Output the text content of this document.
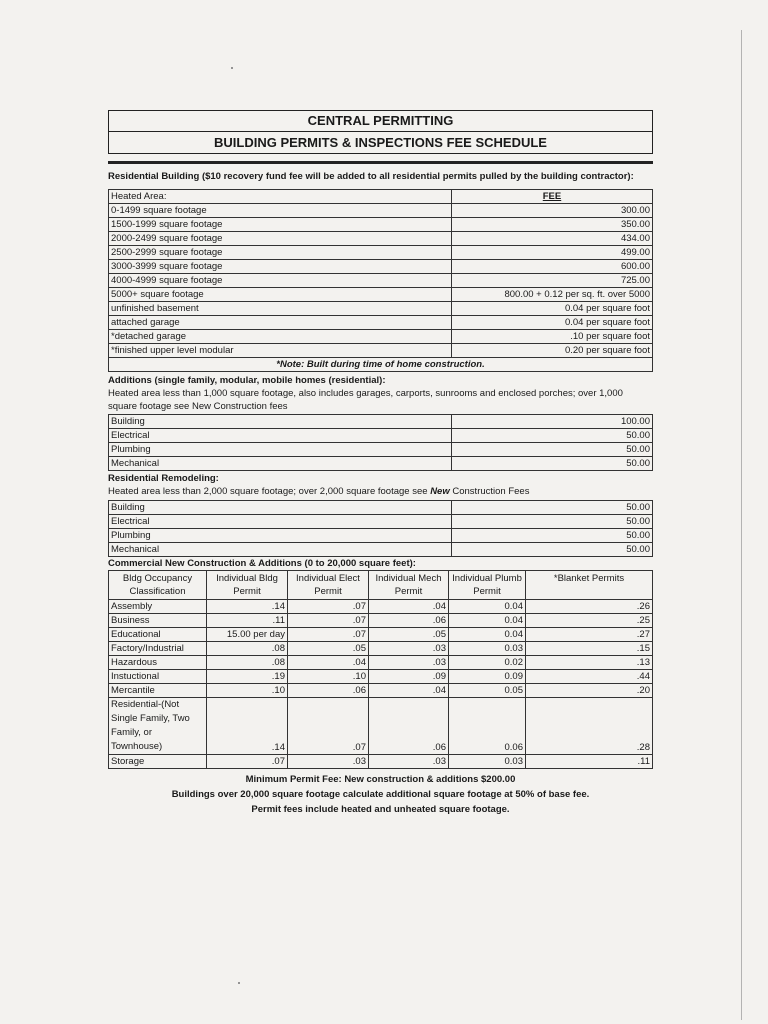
CENTRAL PERMITTING
BUILDING PERMITS & INSPECTIONS FEE SCHEDULE

Residential Building ($10 recovery fund fee will be added to all residential permits pulled by the building contractor):

Heated Area:	FEE
0-1499 square footage	300.00
1500-1999 square footage	350.00
2000-2499 square footage	434.00
2500-2999 square footage	499.00
3000-3999 square footage	600.00
4000-4999 square footage	725.00
5000+ square footage	800.00 + 0.12 per sq. ft. over 5000
unfinished basement	0.04 per square foot
attached garage	0.04 per square foot
*detached garage	.10 per square foot
*finished upper level modular	0.20 per square foot
*Note: Built during time of home construction.	

Additions (single family, modular, mobile homes (residential):

Heated area less than 1,000 square footage, also includes garages, carports, sunrooms and enclosed porches; over 1,000 square footage see New Construction fees
Building	100.00
Electrical	50.00
Plumbing	50.00
Mechanical	50.00

Residential Remodeling:

Heated area less than 2,000 square footage; over 2,000 square footage see New Construction Fees
Building	50.00
Electrical	50.00
Plumbing	50.00
Mechanical	50.00

Commercial New Construction & Additions (0 to 20,000 square feet):

Bldg Occupancy Classification	Individual Bldg Permit	Individual Elect Permit	Individual Mech Permit	Individual Plumb Permit	*Blanket Permits
Assembly	.14	.07	.04	0.04	.26
Business	.11	.07	.06	0.04	.25
Educational	15.00 per day	.07	.05	0.04	.27
Factory/Industrial	.08	.05	.03	0.03	.15
Hazardous	.08	.04	.03	0.02	.13
Instuctional	.19	.10	.09	0.09	.44
Mercantile	.10	.06	.04	0.05	.20
Residential-(Not Single Family, Two Family, or Townhouse)	.14	.07	.06	0.06	.28
Storage	.07	.03	.03	0.03	.11
Minimum Permit Fee: New construction & additions $200.00
Buildings over 20,000 square footage calculate additional square footage at 50% of base fee.
Permit fees include heated and unheated square footage.
